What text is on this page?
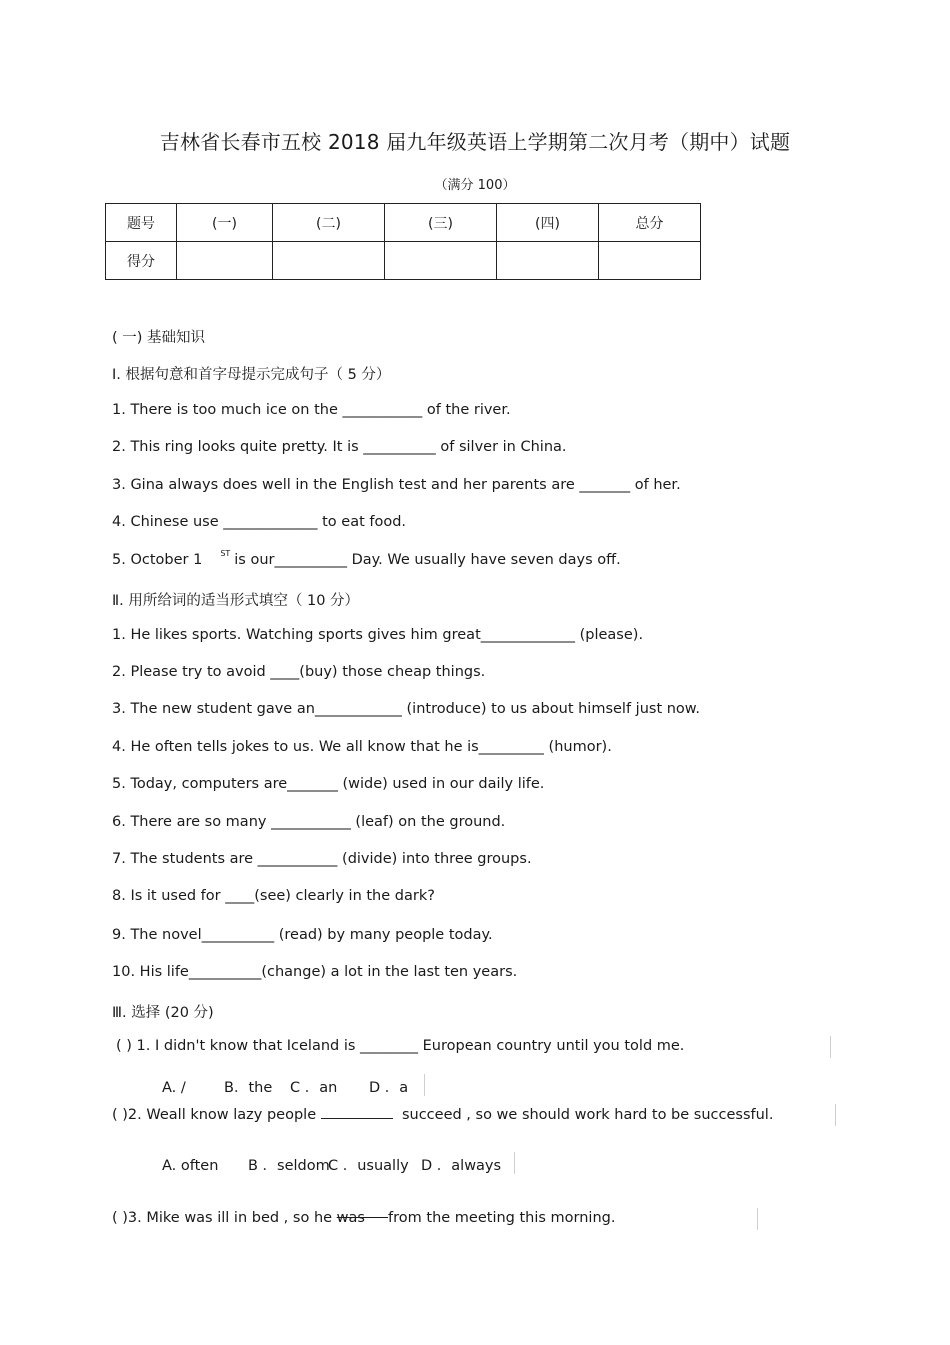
吉林省长春市五校 2018 届九年级英语上学期第二次月考（期中）试题
（满分 100）
题号	(一)	(二)	(三)	(四)	总分
得分					
( 一) 基础知识
Ⅰ. 根据句意和首字母提示完成句子（ 5 分）
1. There is too much ice on the ___________ of the river.
2. This ring looks quite pretty. It is __________ of silver in China.
3. Gina always does well in the English test and her parents are _______ of her.
4. Chinese use _____________ to eat food.
5. October 1 $^{ST}$ is our__________ Day. We usually have seven days off.
Ⅱ. 用所给词的适当形式填空（ 10 分）
1. He likes sports. Watching sports gives him great_____________ (please).
2. Please try to avoid ____(buy) those cheap things.
3. The new student gave an____________ (introduce) to us about himself just now.
4. He often tells jokes to us. We all know that he is_________ (humor).
5. Today, computers are_______ (wide) used in our daily life.
6. There are so many ___________ (leaf) on the ground.
7. The students are ___________ (divide) into three groups.
8. Is it used for ____(see) clearly in the dark?
9. The novel__________ (read) by many people today.
10. His life__________(change) a lot in the last ten years.
Ⅲ. 选择 (20 分)
( ) 1. I didn't know that Iceland is ________ European country until you told me.
A. /	B．the C ．an D ．a
( )2. Weall know lazy people	succeed , so we should work hard to be successful.
A. often B ．seldomC ．usually D ．always
( )3. Mike was ill in bed , so he was from the meeting this morning.
